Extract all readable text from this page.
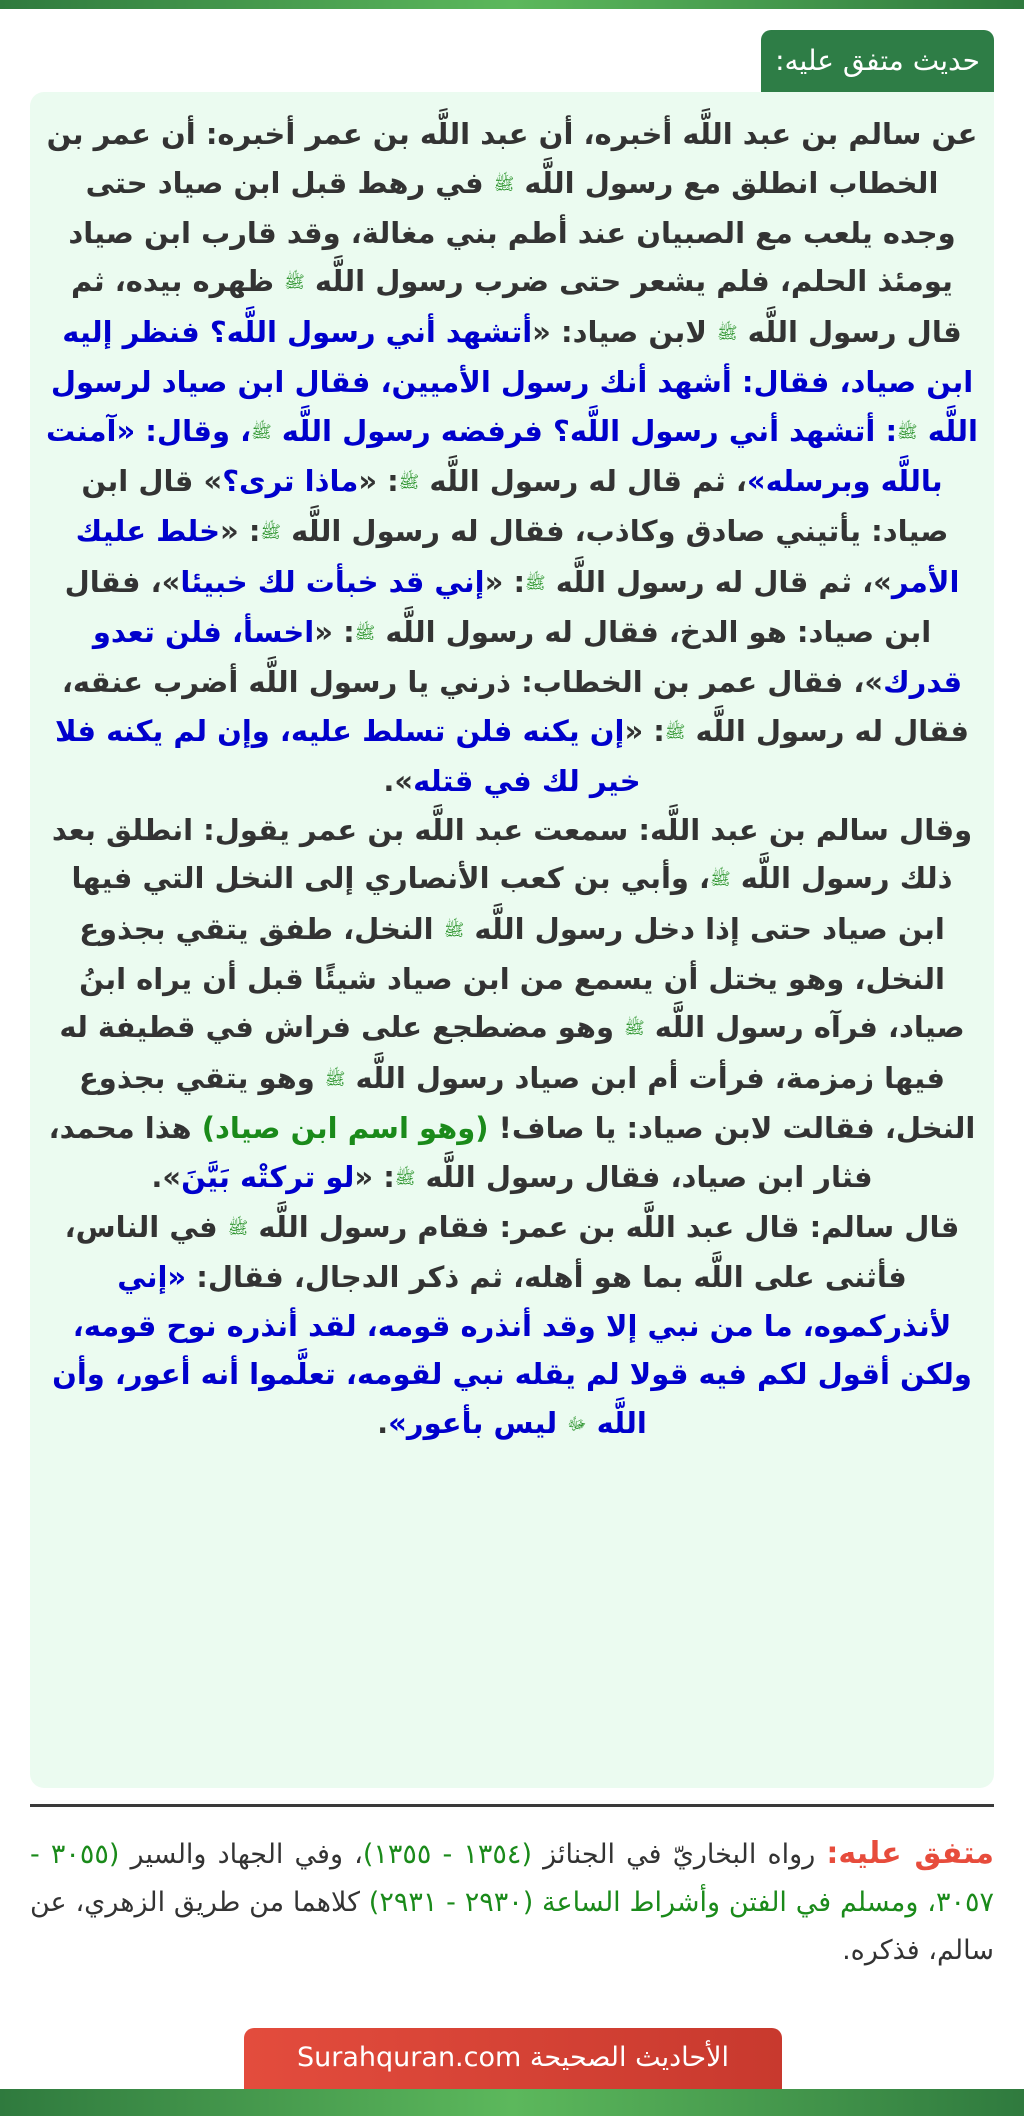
حديث متفق عليه:

عن سالم بن عبد اللَّه أخبره، أن عبد اللَّه بن عمر أخبره: أن عمر بن الخطاب انطلق مع رسول اللَّه ﷺ في رهط قبل ابن صياد حتى وجده يلعب مع الصبيان عند أطم بني مغالة، وقد قارب ابن صياد يومئذ الحلم، فلم يشعر حتى ضرب رسول اللَّه ﷺ ظهره بيده، ثم قال رسول اللَّه ﷺ لابن صياد: «أتشهد أني رسول اللَّه؟ فنظر إليه ابن صياد، فقال: أشهد أنك رسول الأميين، فقال ابن صياد لرسول اللَّه ﷺ: أتشهد أني رسول اللَّه؟ فرفضه رسول اللَّه ﷺ، وقال: «آمنت باللَّه وبرسله»، ثم قال له رسول اللَّه ﷺ: «ماذا ترى؟» قال ابن صياد: يأتيني صادق وكاذب، فقال له رسول اللَّه ﷺ: «خلط عليك الأمر»، ثم قال له رسول اللَّه ﷺ: «إني قد خبأت لك خبيئا»، فقال ابن صياد: هو الدخ، فقال له رسول اللَّه ﷺ: «اخسأ، فلن تعدو قدرك»، فقال عمر بن الخطاب: ذرني يا رسول اللَّه أضرب عنقه، فقال له رسول اللَّه ﷺ: «إن يكنه فلن تسلط عليه، وإن لم يكنه فلا خير لك في قتله».
وقال سالم بن عبد اللَّه: سمعت عبد اللَّه بن عمر يقول: انطلق بعد ذلك رسول اللَّه ﷺ، وأبي بن كعب الأنصاري إلى النخل التي فيها ابن صياد حتى إذا دخل رسول اللَّه ﷺ النخل، طفق يتقي بجذوع النخل، وهو يختل أن يسمع من ابن صياد شيئًا قبل أن يراه ابنُ صياد، فرآه رسول اللَّه ﷺ وهو مضطجع على فراش في قطيفة له فيها زمزمة، فرأت أم ابن صياد رسول اللَّه ﷺ وهو يتقي بجذوع النخل، فقالت لابن صياد: يا صاف! (وهو اسم ابن صياد) هذا محمد، فثار ابن صياد، فقال رسول اللَّه ﷺ: «لو تركتْه بَيَّنَ».
قال سالم: قال عبد اللَّه بن عمر: فقام رسول اللَّه ﷺ في الناس، فأثنى على اللَّه بما هو أهله، ثم ذكر الدجال، فقال: «إني لأنذركموه، ما من نبي إلا وقد أنذره قومه، لقد أنذره نوح قومه، ولكن أقول لكم فيه قولا لم يقله نبي لقومه، تعلَّموا أنه أعور، وأن اللَّه ﷻ ليس بأعور».

متفق عليه: رواه البخاريّ في الجنائز (١٣٥٤ - ١٣٥٥)، وفي الجهاد والسير (٣٠٥٥ - ٣٠٥٧، ومسلم في الفتن وأشراط الساعة (٢٩٣٠ - ٢٩٣١) كلاهما من طريق الزهري، عن سالم، فذكره.
الأحاديث الصحيحة Surahquran.com
